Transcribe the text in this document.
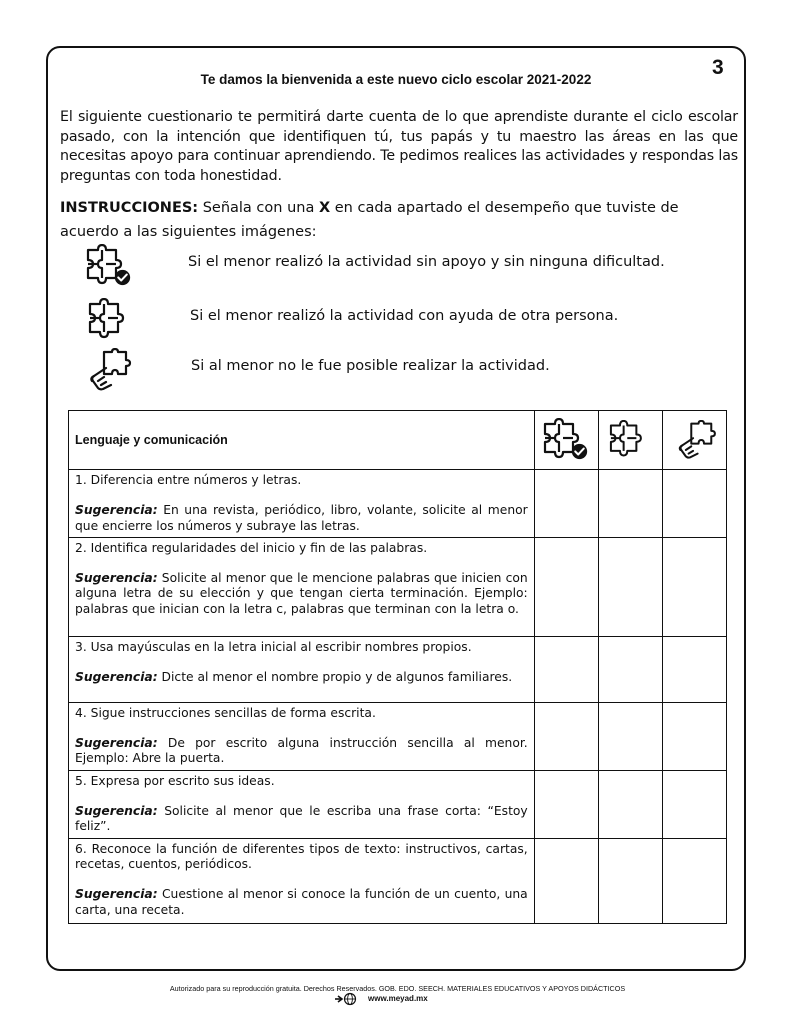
3
Te damos la bienvenida a este nuevo ciclo escolar 2021-2022
El siguiente cuestionario te permitirá darte cuenta de lo que aprendiste durante el ciclo escolar pasado, con la intención que identifiquen tú, tus papás y tu maestro las áreas en las que necesitas apoyo para continuar aprendiendo. Te pedimos realices las actividades y respondas las preguntas con toda honestidad.
INSTRUCCIONES: Señala con una X en cada apartado el desempeño que tuviste de acuerdo a las siguientes imágenes:
Si el menor realizó la actividad sin apoyo y sin ninguna dificultad.
Si el menor realizó la actividad con ayuda de otra persona.
Si al menor no le fue posible realizar la actividad.
Lenguaje y comunicación	

1. Diferencia entre números y letras.
Sugerencia: En una revista, periódico, libro, volante, solicite al menor que encierre los números y subraye las letras.			

2. Identifica regularidades del inicio y fin de las palabras.
Sugerencia: Solicite al menor que le mencione palabras que inicien con alguna letra de su elección y que tengan cierta terminación. Ejemplo: palabras que inician con la letra c, palabras que terminan con la letra o.			

3. Usa mayúsculas en la letra inicial al escribir nombres propios.
Sugerencia: Dicte al menor el nombre propio y de algunos familiares.			

4. Sigue instrucciones sencillas de forma escrita.
Sugerencia: De por escrito alguna instrucción sencilla al menor. Ejemplo: Abre la puerta.			

5. Expresa por escrito sus ideas.
Sugerencia: Solicite al menor que le escriba una frase corta: “Estoy feliz”.			

6. Reconoce la función de diferentes tipos de texto: instructivos, cartas, recetas, cuentos, periódicos.
Sugerencia: Cuestione al menor si conoce la función de un cuento, una carta, una receta.			
Autorizado para su reproducción gratuita. Derechos Reservados. GOB. EDO. SEECH. MATERIALES EDUCATIVOS Y APOYOS DIDÁCTICOS
www.meyad.mx
